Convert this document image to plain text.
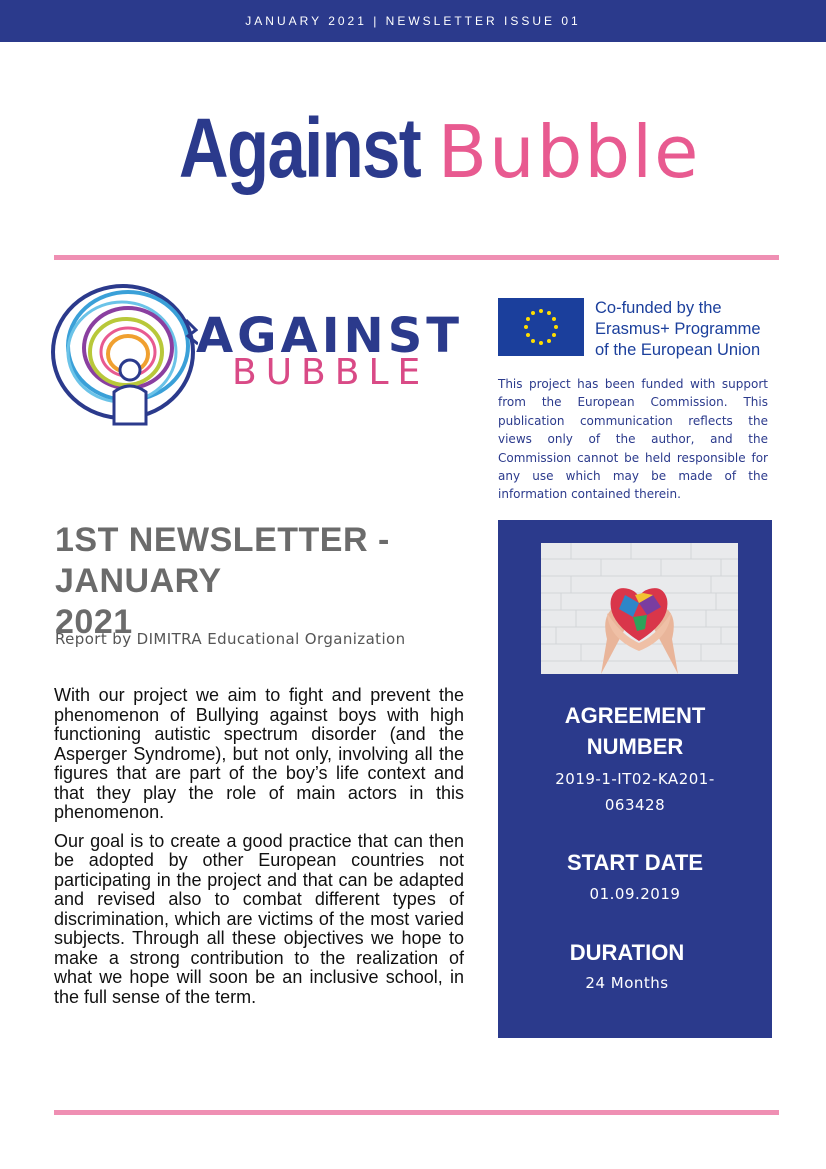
JANUARY 2021 | NEWSLETTER ISSUE 01
Against Bubble
AGAINST
BUBBLE
Co-funded by the
Erasmus+ Programme
of the European Union
This project has been funded with support from the European Commission. This publication communication reflects the views only of the author, and the Commission cannot be held responsible for any use which may be made of the information contained therein.
1ST NEWSLETTER - JANUARY
2021
Report by DIMITRA Educational Organization

With our project we aim to fight and prevent the phenomenon of Bullying against boys with high functioning autistic spectrum disorder (and the Asperger Syndrome), but not only, involving all the figures that are part of the boy’s life context and that they play the role of main actors in this phenomenon.

Our goal is to create a good practice that can then be adopted by other European countries not participating in the project and that can be adapted and revised also to combat different types of discrimination, which are victims of the most varied subjects. Through all these objectives we hope to make a strong contribution to the realization of what we hope will soon be an inclusive school, in the full sense of the term.

AGREEMENT
NUMBER
2019-1-IT02-KA201-
063428
START DATE
01.09.2019
DURATION
24 Months
